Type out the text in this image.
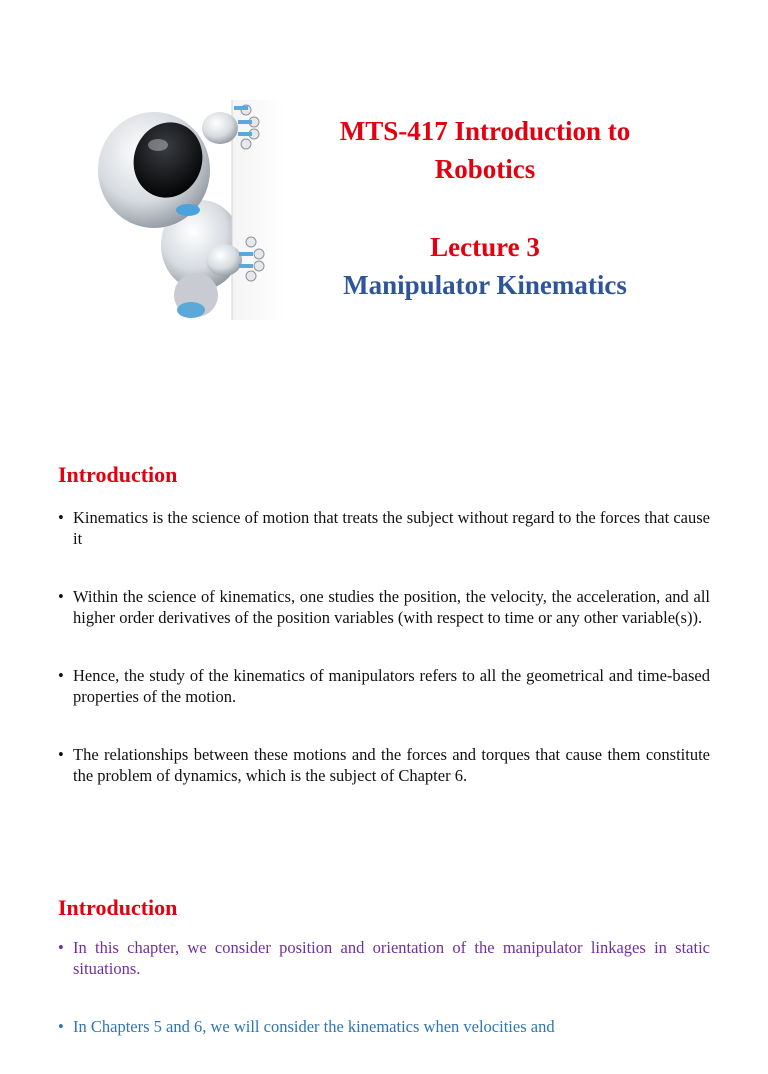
MTS-417 Introduction to

Robotics

Lecture 3

Manipulator Kinematics

Introduction
• Kinematics is the science of motion that treats the subject without regard to the forces that cause it
• Within the science of kinematics, one studies the position, the velocity, the acceleration, and all higher order derivatives of the position variables (with respect to time or any other variable(s)).
• Hence, the study of the kinematics of manipulators refers to all the geometrical and time-based properties of the motion.
• The relationships between these motions and the forces and torques that cause them constitute the problem of dynamics, which is the subject of Chapter 6.
Introduction
• In this chapter, we consider position and orientation of the manipulator linkages in static situations.
• In Chapters 5 and 6, we will consider the kinematics when velocities and
